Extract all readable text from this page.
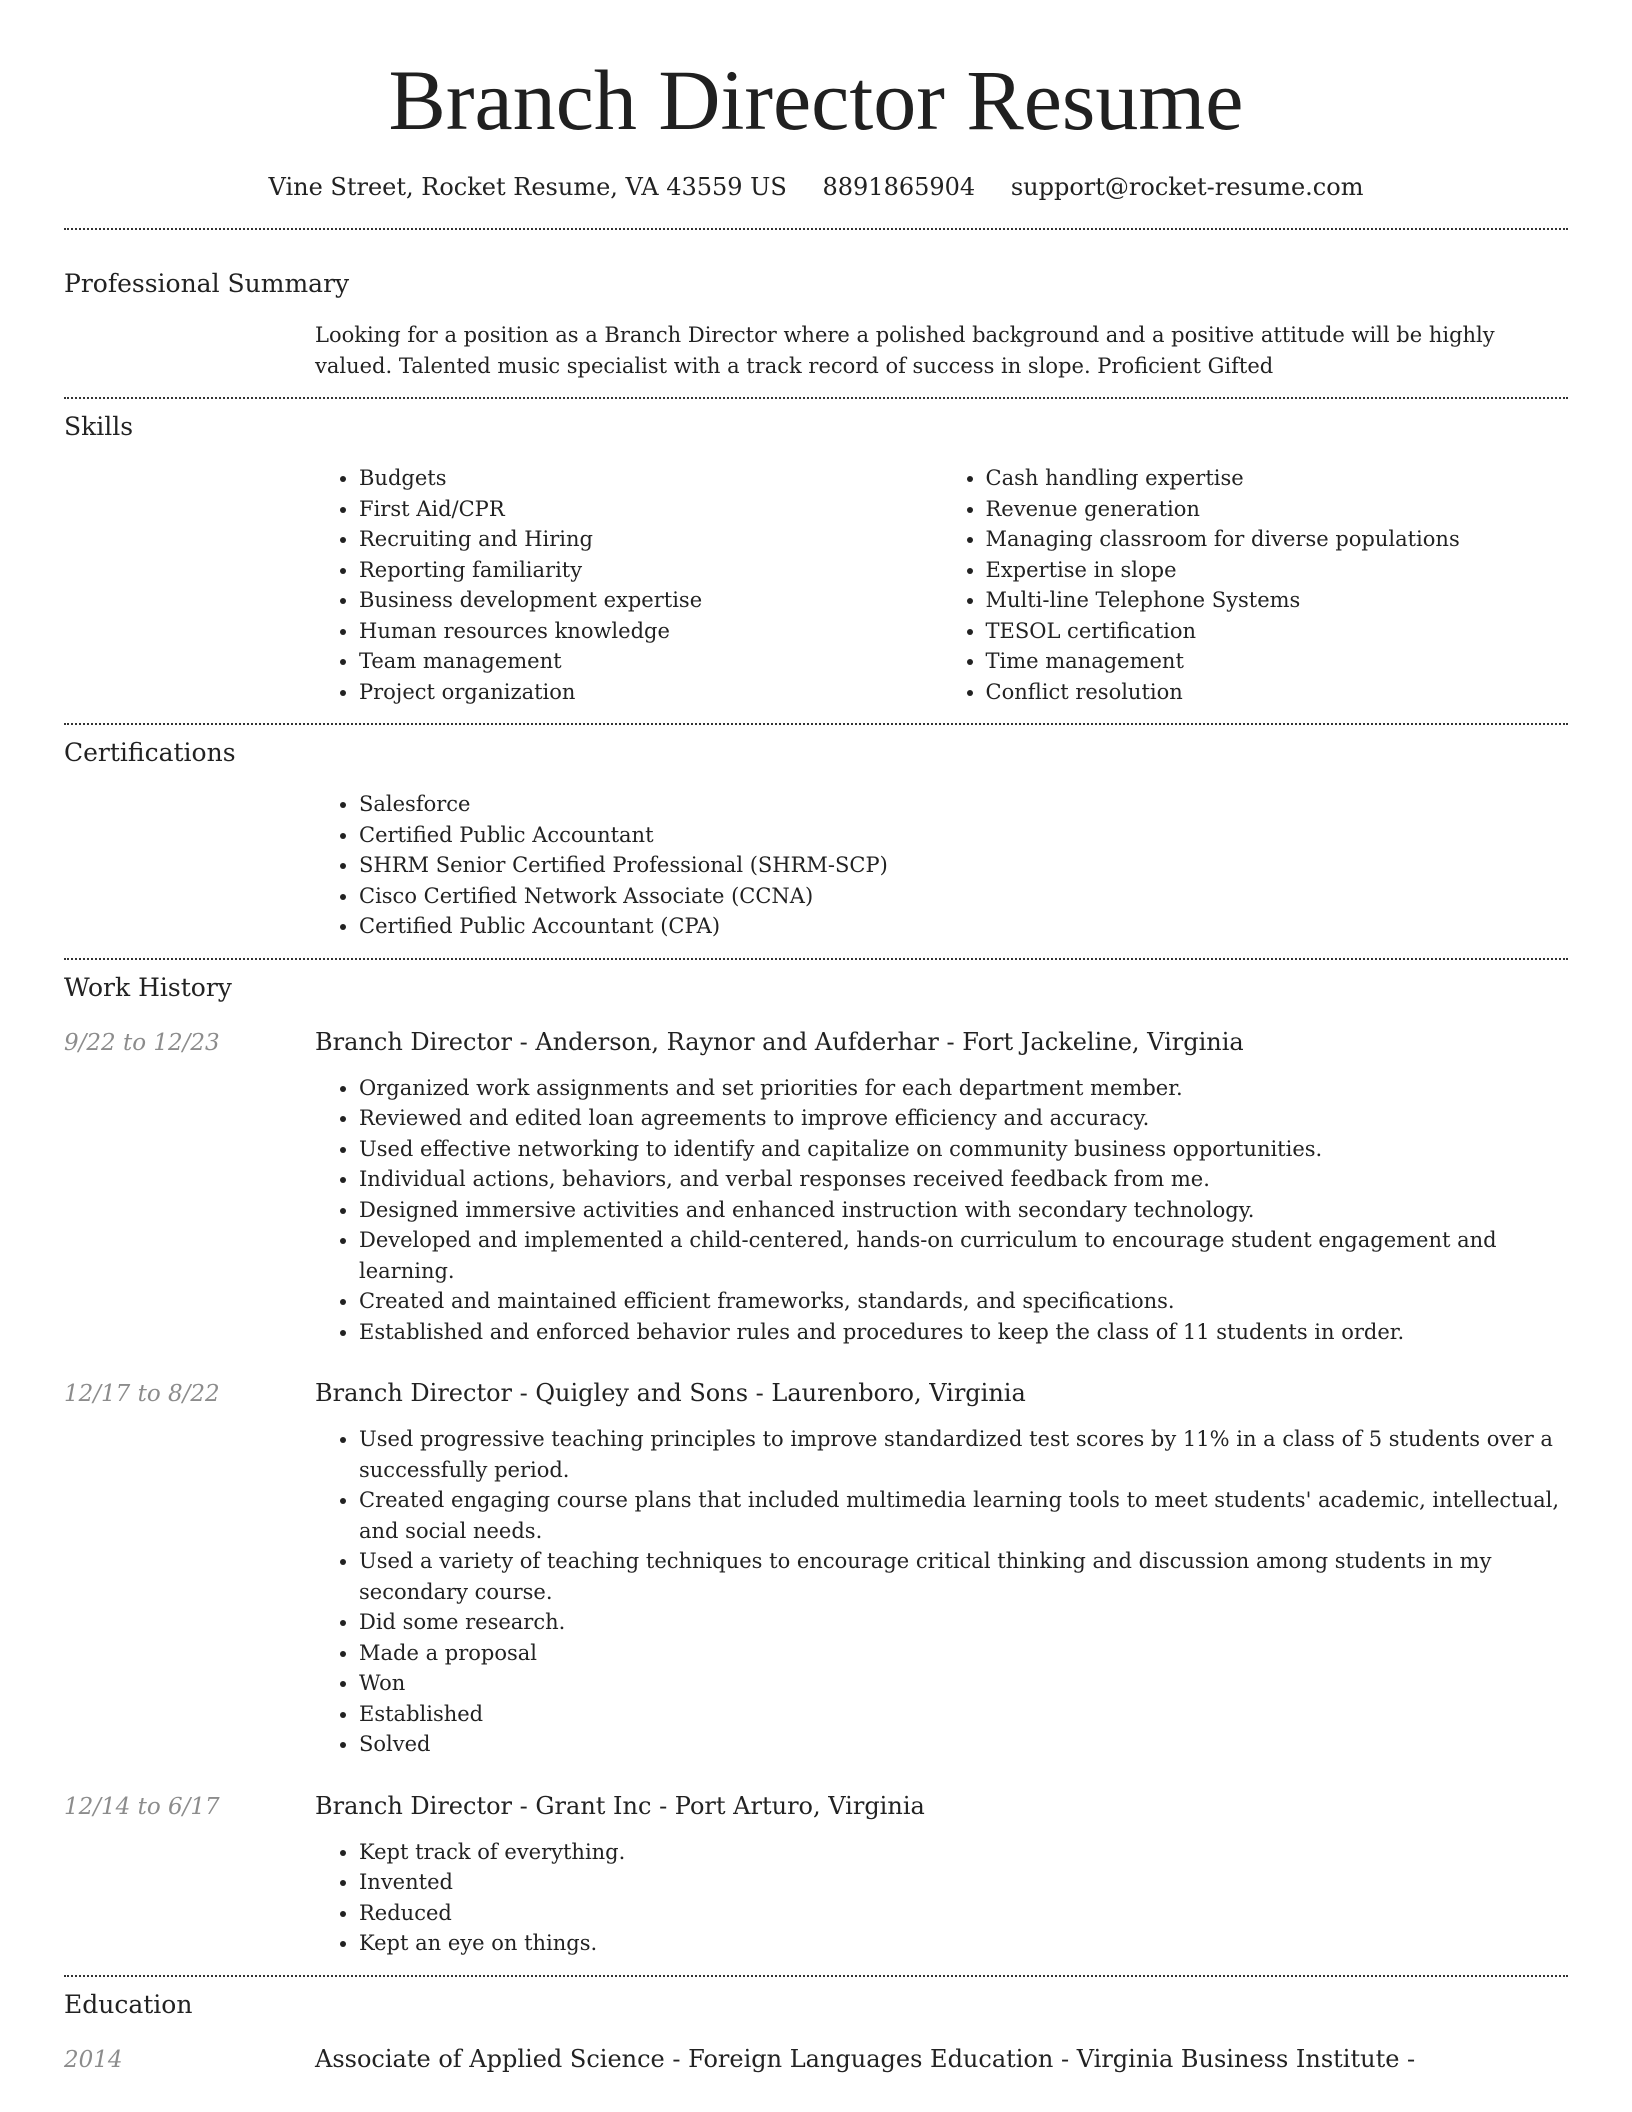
Branch Director Resume
Vine Street, Rocket Resume, VA 43559 US 8891865904 support@rocket-resume.com
Professional Summary
Looking for a position as a Branch Director where a polished background and a positive attitude will be highly valued. Talented music specialist with a track record of success in slope. Proficient Gifted
Skills
• Budgets
• First Aid/CPR
• Recruiting and Hiring
• Reporting familiarity
• Business development expertise
• Human resources knowledge
• Team management
• Project organization
• Cash handling expertise
• Revenue generation
• Managing classroom for diverse populations
• Expertise in slope
• Multi-line Telephone Systems
• TESOL certification
• Time management
• Conflict resolution
Certifications
• Salesforce
• Certified Public Accountant
• SHRM Senior Certified Professional (SHRM-SCP)
• Cisco Certified Network Associate (CCNA)
• Certified Public Accountant (CPA)
Work History
9/22 to 12/23	Branch Director - Anderson, Raynor and Aufderhar - Fort Jackeline, Virginia
• Organized work assignments and set priorities for each department member.
• Reviewed and edited loan agreements to improve efficiency and accuracy.
• Used effective networking to identify and capitalize on community business opportunities.
• Individual actions, behaviors, and verbal responses received feedback from me.
• Designed immersive activities and enhanced instruction with secondary technology.
• Developed and implemented a child-centered, hands-on curriculum to encourage student engagement and learning.
• Created and maintained efficient frameworks, standards, and specifications.
• Established and enforced behavior rules and procedures to keep the class of 11 students in order.
12/17 to 8/22	Branch Director - Quigley and Sons - Laurenboro, Virginia
• Used progressive teaching principles to improve standardized test scores by 11% in a class of 5 students over a successfully period.
• Created engaging course plans that included multimedia learning tools to meet students' academic, intellectual, and social needs.
• Used a variety of teaching techniques to encourage critical thinking and discussion among students in my secondary course.
• Did some research.
• Made a proposal
• Won
• Established
• Solved
12/14 to 6/17	Branch Director - Grant Inc - Port Arturo, Virginia
• Kept track of everything.
• Invented
• Reduced
• Kept an eye on things.
Education
2014	Associate of Applied Science - Foreign Languages Education - Virginia Business Institute -
